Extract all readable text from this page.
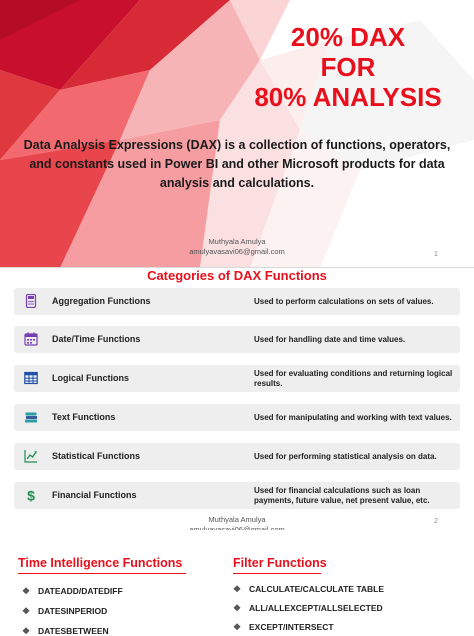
20% DAX
FOR
80% ANALYSIS
Data Analysis Expressions (DAX) is a collection of functions, operators, and constants used in Power BI and other Microsoft products for data analysis and calculations.
Muthyala Amulya
amulyavasavi06@gmail.com	1
Categories of DAX Functions
Aggregation Functions	Used to perform calculations on sets of values.
Date/Time Functions	Used for handling date and time values.
Logical Functions	Used for evaluating conditions and returning logical results.
Text Functions	Used for manipulating and working with text values.
Statistical Functions	Used for performing statistical analysis on data.
$ Financial Functions	Used for financial calculations such as loan payments, future value, net present value, etc.
Muthyala Amulya	2
Time Intelligence Functions	Filter Functions
❖ DATEADD/DATEDIFF
❖ DATESINPERIOD
❖ DATESBETWEEN
❖ CALCULATE/CALCULATE TABLE
❖ ALL/ALLEXCEPT/ALLSELECTED
❖ EXCEPT/INTERSECT
